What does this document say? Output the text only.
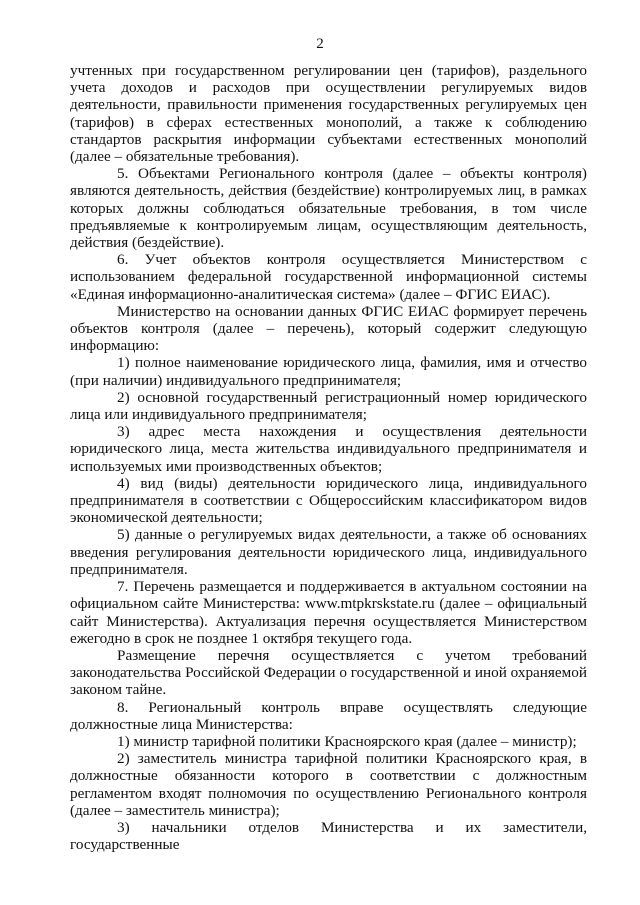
2

учтенных при государственном регулировании цен (тарифов), раздельного учета доходов и расходов при осуществлении регулируемых видов деятельности, правильности применения государственных регулируемых цен (тарифов) в сферах естественных монополий, а также к соблюдению стандартов раскрытия информации субъектами естественных монополий (далее – обязательные требования).

5. Объектами Регионального контроля (далее – объекты контроля) являются деятельность, действия (бездействие) контролируемых лиц, в рамках которых должны соблюдаться обязательные требования, в том числе предъявляемые к контролируемым лицам, осуществляющим деятельность, действия (бездействие).

6. Учет объектов контроля осуществляется Министерством с использованием федеральной государственной информационной системы «Единая информационно-аналитическая система» (далее – ФГИС ЕИАС).

Министерство на основании данных ФГИС ЕИАС формирует перечень объектов контроля (далее – перечень), который содержит следующую информацию:

1) полное наименование юридического лица, фамилия, имя и отчество (при наличии) индивидуального предпринимателя;

2) основной государственный регистрационный номер юридического лица или индивидуального предпринимателя;

3) адрес места нахождения и осуществления деятельности юридического лица, места жительства индивидуального предпринимателя и используемых ими производственных объектов;

4) вид (виды) деятельности юридического лица, индивидуального предпринимателя в соответствии с Общероссийским классификатором видов экономической деятельности;

5) данные о регулируемых видах деятельности, а также об основаниях введения регулирования деятельности юридического лица, индивидуального предпринимателя.

7. Перечень размещается и поддерживается в актуальном состоянии на официальном сайте Министерства: www.mtpkrskstate.ru (далее – официальный сайт Министерства). Актуализация перечня осуществляется Министерством ежегодно в срок не позднее 1 октября текущего года.

Размещение перечня осуществляется с учетом требований законодательства Российской Федерации о государственной и иной охраняемой законом тайне.

8. Региональный контроль вправе осуществлять следующие должностные лица Министерства:

1) министр тарифной политики Красноярского края (далее – министр);

2) заместитель министра тарифной политики Красноярского края, в должностные обязанности которого в соответствии с должностным регламентом входят полномочия по осуществлению Регионального контроля (далее – заместитель министра);

3) начальники отделов Министерства и их заместители, государственные
